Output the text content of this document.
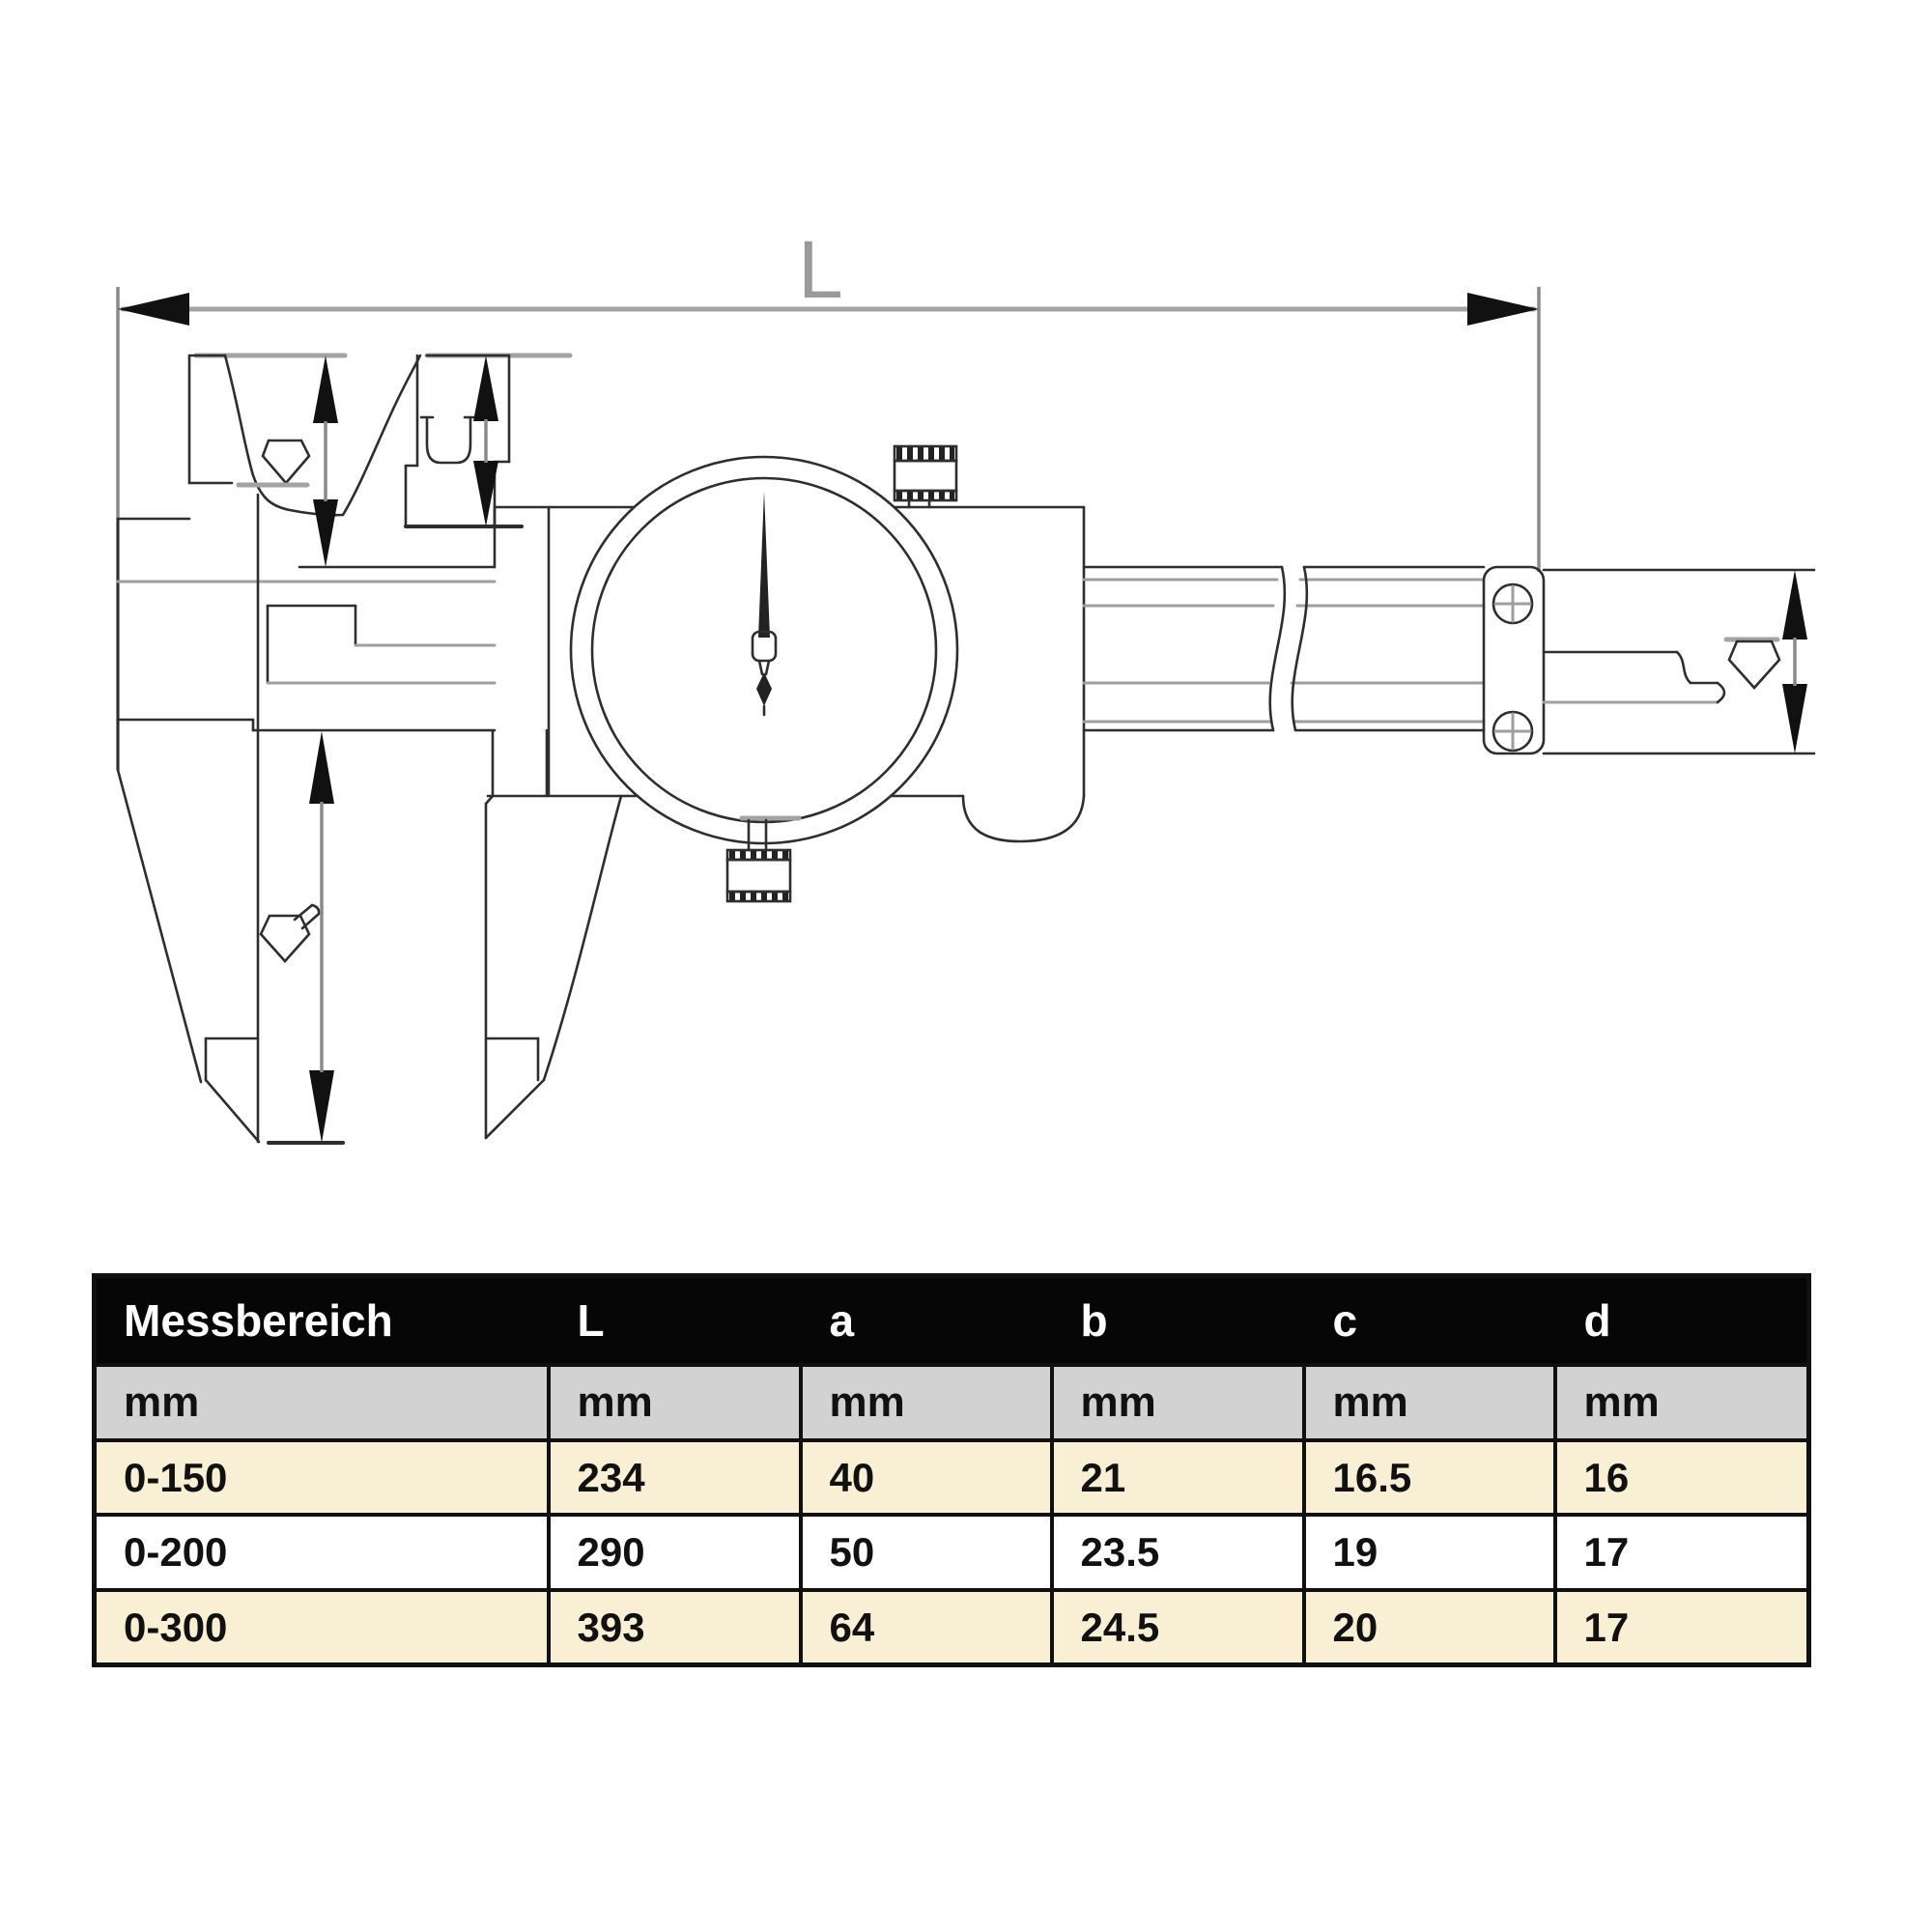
L
Messbereich	L	a	b	c	d
mm	mm	mm	mm	mm	mm
0-150	234	40	21	16.5	16
0-200	290	50	23.5	19	17
0-300	393	64	24.5	20	17
